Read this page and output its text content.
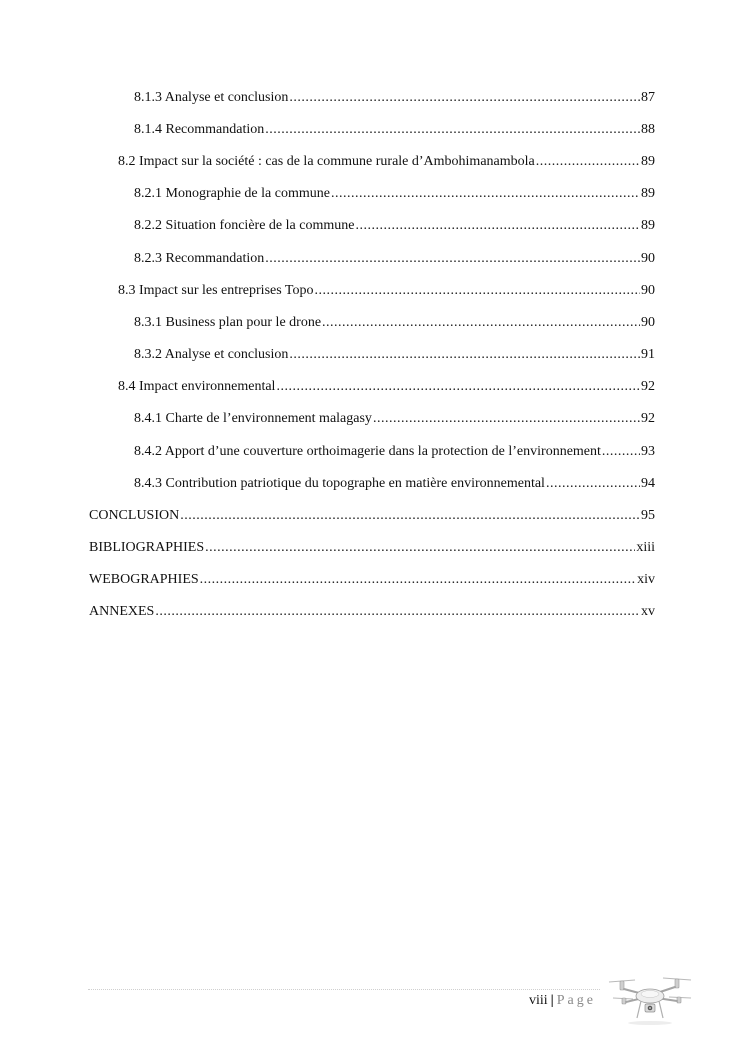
8.1.3 Analyse et conclusion .....	87
8.1.4 Recommandation .....	88
8.2 Impact sur la société : cas de la commune rurale d’Ambohimanambola .....	89
8.2.1 Monographie de la commune .....	89
8.2.2 Situation foncière de la commune .....	89
8.2.3 Recommandation .....	90
8.3 Impact sur les entreprises Topo .....	90
8.3.1 Business plan pour le drone .....	90
8.3.2 Analyse et conclusion .....	91
8.4 Impact environnemental .....	92
8.4.1 Charte de l’environnement malagasy .....	92
8.4.2 Apport d’une couverture orthoimagerie dans la protection de l’environnement .....	93
8.4.3 Contribution patriotique du topographe en matière environnemental .....	94
CONCLUSION .....	95
BIBLIOGRAPHIES .....	xiii
WEBOGRAPHIES .....	xiv
ANNEXES .....	xv
viii | Page
